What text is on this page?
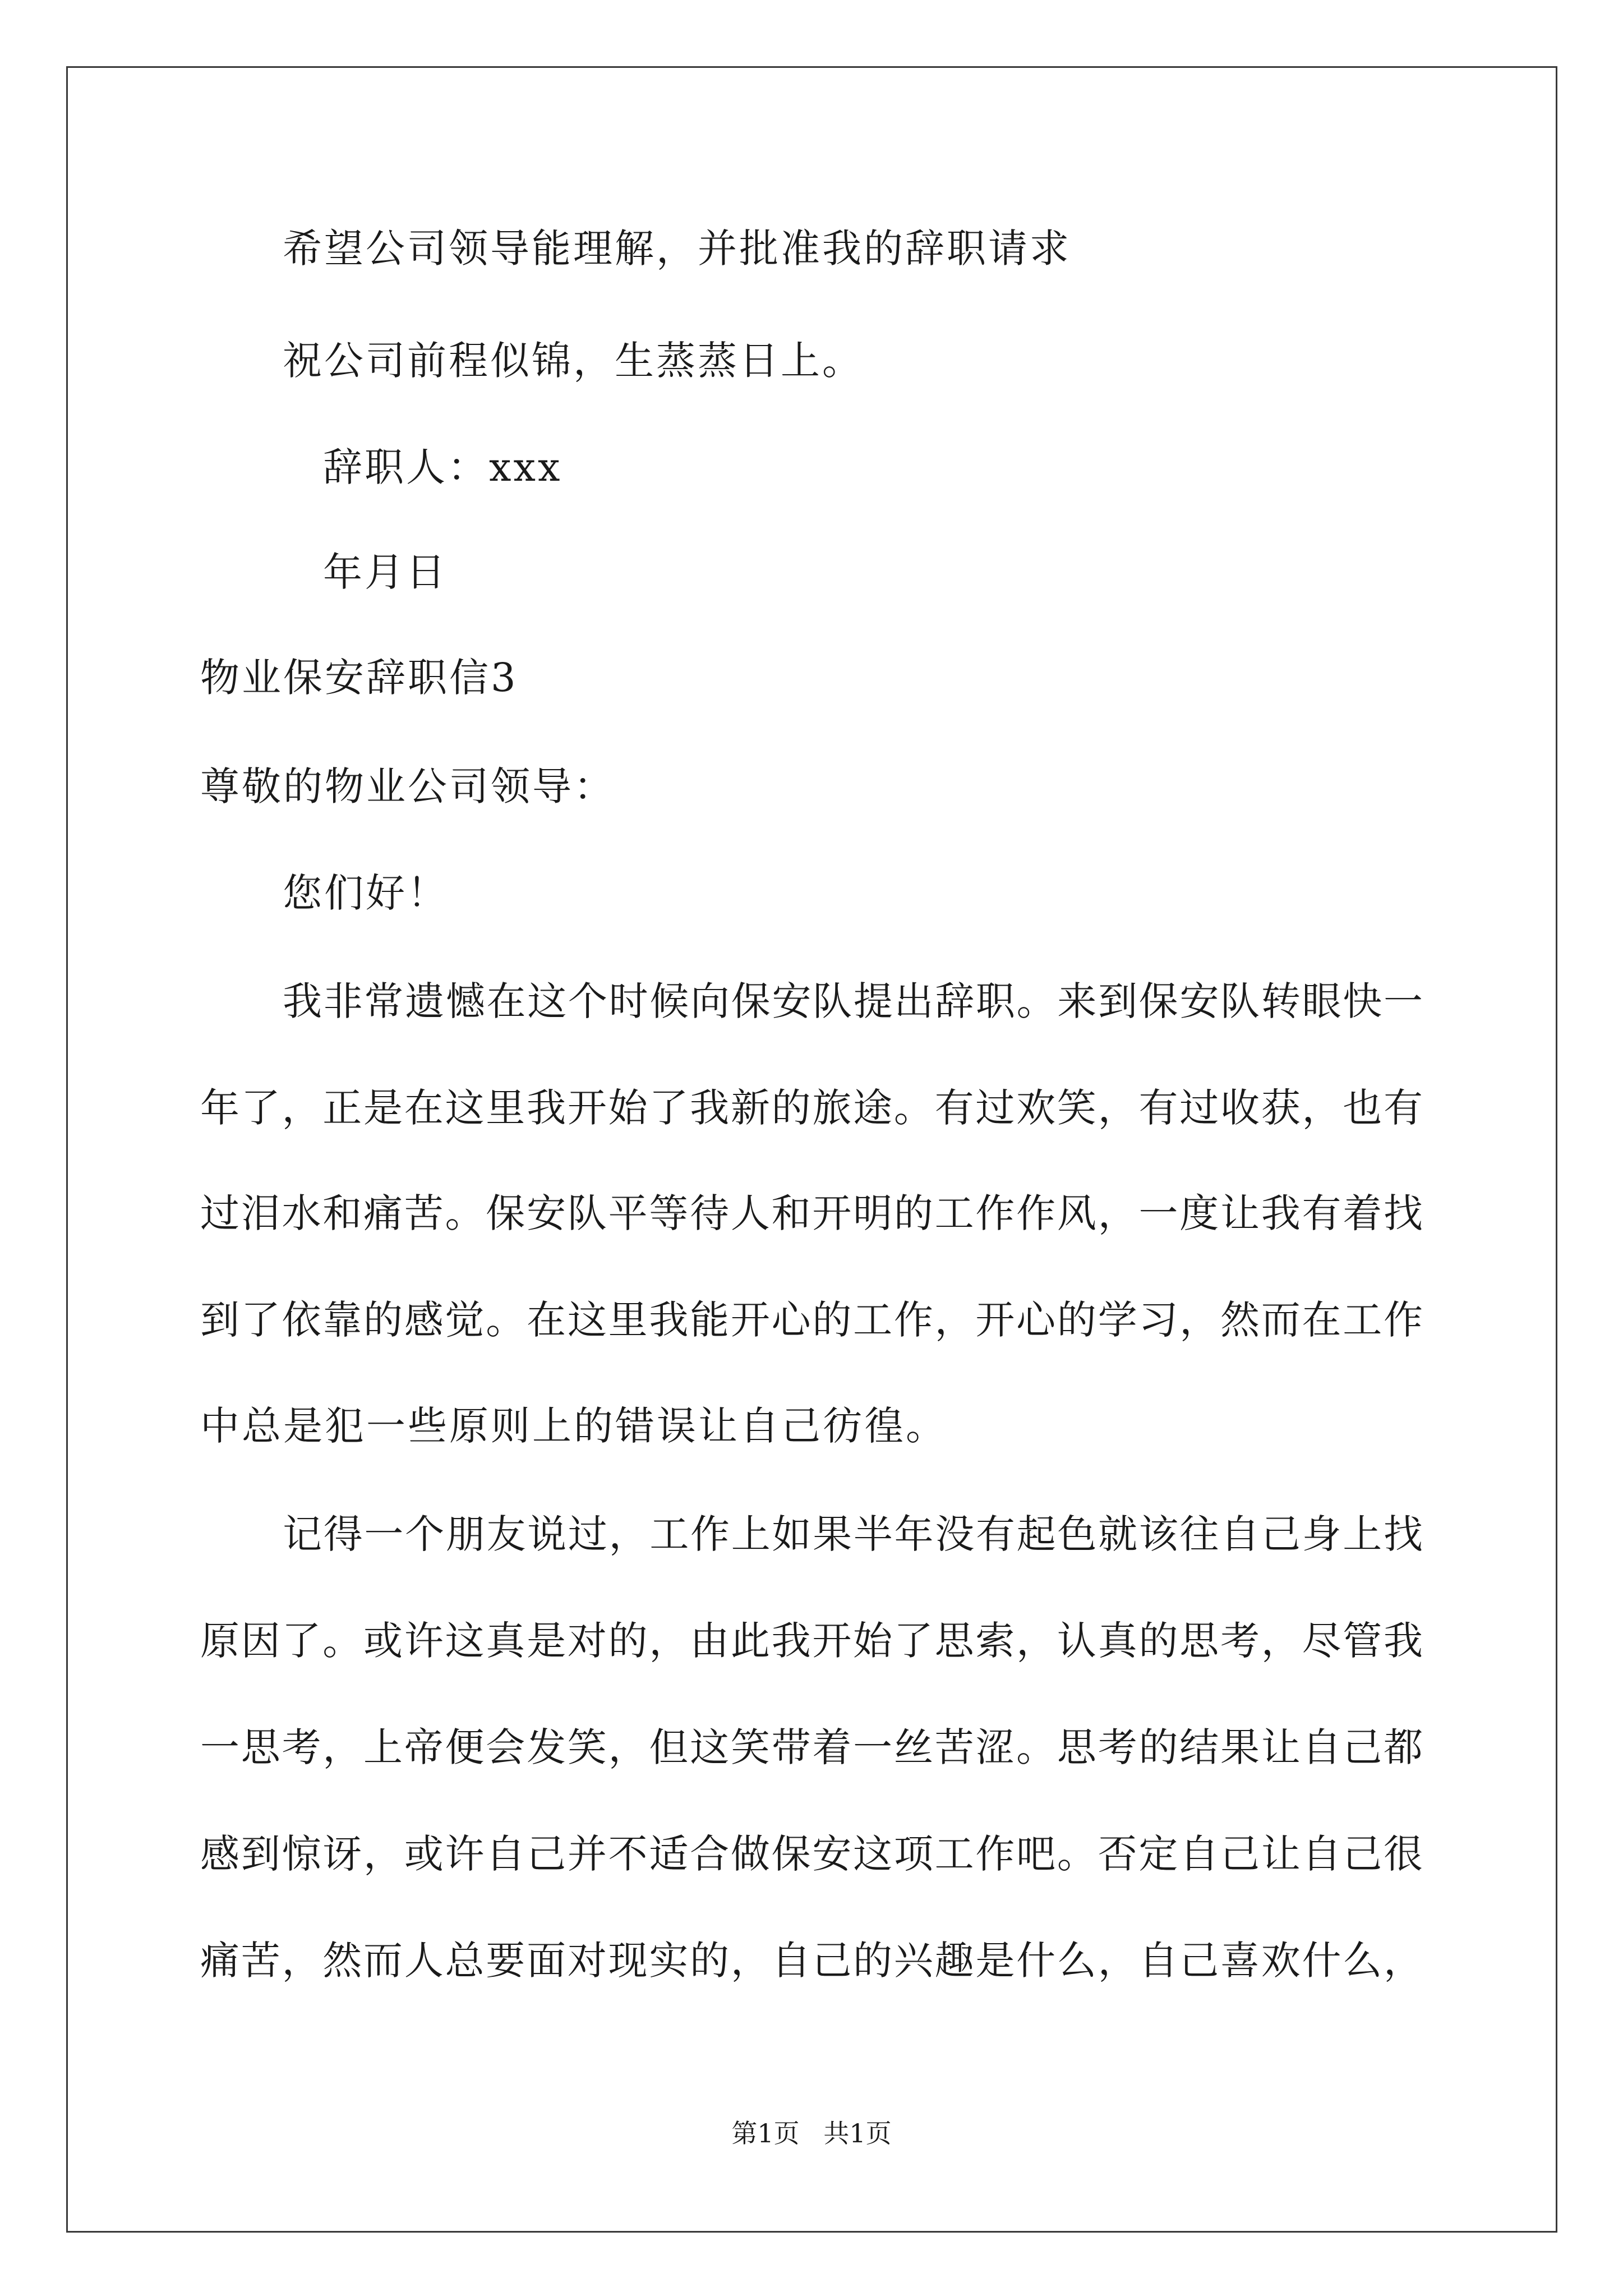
希望公司领导能理解，并批准我的辞职请求
祝公司前程似锦，生蒸蒸日上。
辞职人：xxx
年月日
物业保安辞职信3
尊敬的物业公司领导：
您们好！
我非常遗憾在这个时候向保安队提出辞职。来到保安队转眼快一
年了，正是在这里我开始了我新的旅途。有过欢笑，有过收获，也有
过泪水和痛苦。保安队平等待人和开明的工作作风，一度让我有着找
到了依靠的感觉。在这里我能开心的工作，开心的学习，然而在工作
中总是犯一些原则上的错误让自己彷徨。
记得一个朋友说过，工作上如果半年没有起色就该往自己身上找
原因了。或许这真是对的，由此我开始了思索，认真的思考，尽管我
一思考，上帝便会发笑，但这笑带着一丝苦涩。思考的结果让自己都
感到惊讶，或许自己并不适合做保安这项工作吧。否定自己让自己很
痛苦，然而人总要面对现实的，自己的兴趣是什么，自己喜欢什么，
第1页 共1页
